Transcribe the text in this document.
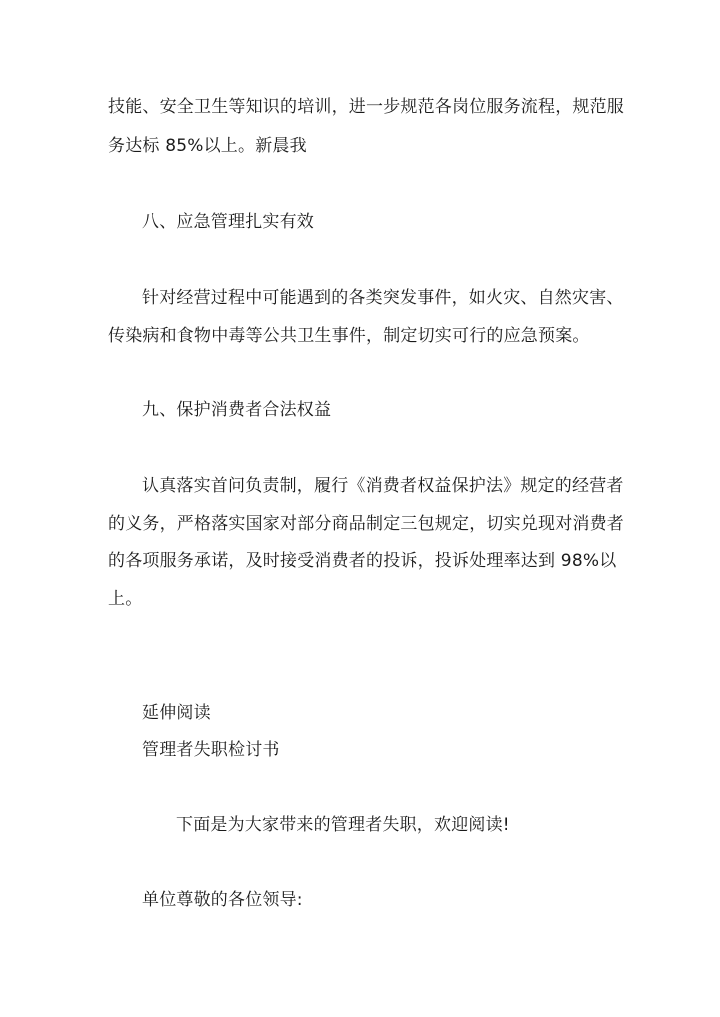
技能、安全卫生等知识的培训，进一步规范各岗位服务流程，规范服
务达标 85%以上。新晨我
八、应急管理扎实有效
针对经营过程中可能遇到的各类突发事件，如火灾、自然灾害、
传染病和食物中毒等公共卫生事件，制定切实可行的应急预案。
九、保护消费者合法权益
认真落实首问负责制，履行《消费者权益保护法》规定的经营者
的义务，严格落实国家对部分商品制定三包规定，切实兑现对消费者
的各项服务承诺，及时接受消费者的投诉，投诉处理率达到 98%以
上。
延伸阅读
管理者失职检讨书
下面是为大家带来的管理者失职，欢迎阅读!
单位尊敬的各位领导:
